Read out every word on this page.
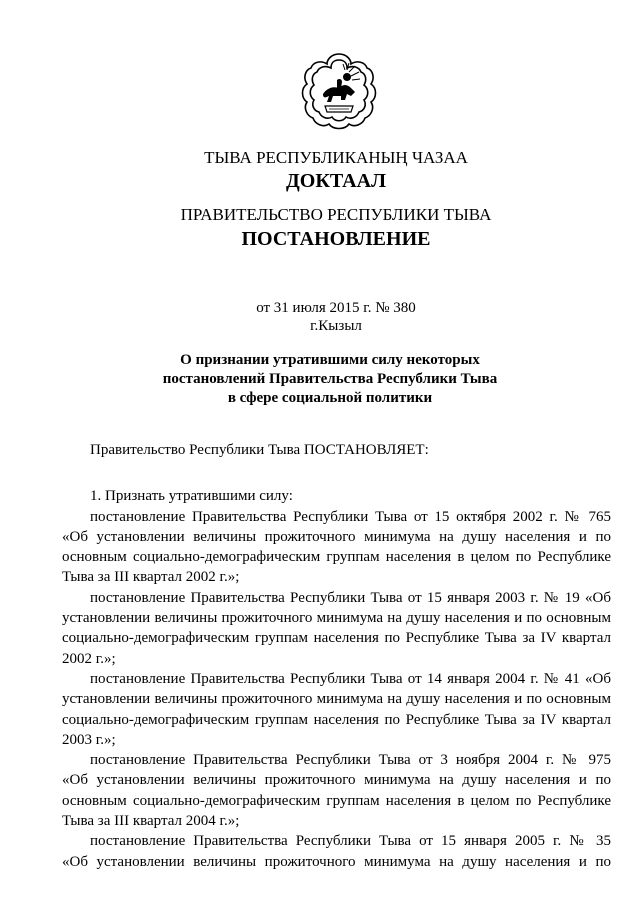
ТЫВА РЕСПУБЛИКАНЫҢ ЧАЗАА
ДОКТААЛ
ПРАВИТЕЛЬСТВО РЕСПУБЛИКИ ТЫВА
ПОСТАНОВЛЕНИЕ
от 31 июля 2015 г. № 380
г.Кызыл
О признании утратившими силу некоторых
постановлений Правительства Республики Тыва
в сфере социальной политики
Правительство Республики Тыва ПОСТАНОВЛЯЕТ:
1. Признать утратившими силу:
постановление Правительства Республики Тыва от 15 октября 2002 г. № 765
«Об установлении величины прожиточного минимума на душу населения и по
основным социально-демографическим группам населения в целом по Республике
Тыва за III квартал 2002 г.»;
постановление Правительства Республики Тыва от 15 января 2003 г. № 19 «Об
установлении величины прожиточного минимума на душу населения и по основным
социально-демографическим группам населения по Республике Тыва за IV квартал
2002 г.»;
постановление Правительства Республики Тыва от 14 января 2004 г. № 41 «Об
установлении величины прожиточного минимума на душу населения и по основным
социально-демографическим группам населения по Республике Тыва за IV квартал
2003 г.»;
постановление Правительства Республики Тыва от 3 ноября 2004 г. № 975
«Об установлении величины прожиточного минимума на душу населения и по
основным социально-демографическим группам населения в целом по Республике
Тыва за III квартал 2004 г.»;
постановление Правительства Республики Тыва от 15 января 2005 г. № 35
«Об установлении величины прожиточного минимума на душу населения и по
